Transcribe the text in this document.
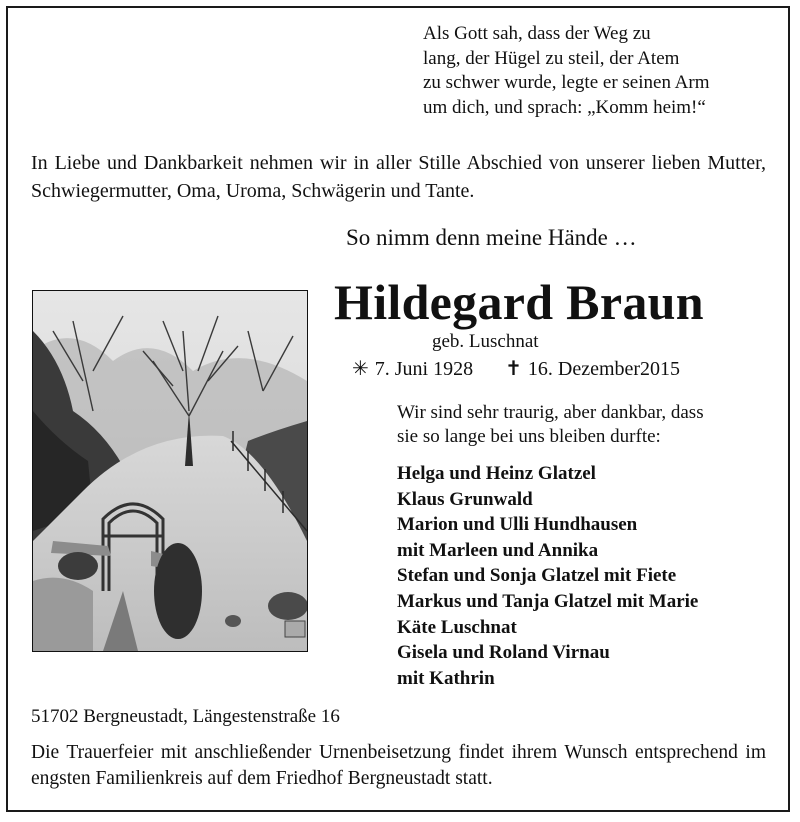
Als Gott sah, dass der Weg zu
lang, der Hügel zu steil, der Atem
zu schwer wurde, legte er seinen Arm
um dich, und sprach: „Komm heim!“
In Liebe und Dankbarkeit nehmen wir in aller Stille Abschied von unserer lieben Mutter, Schwiegermutter, Oma, Uroma, Schwägerin und Tante.
So nimm denn meine Hände …
Hildegard Braun
geb. Luschnat
✳ 7. Juni 1928 ✝ 16. Dezember2015
Wir sind sehr traurig, aber dankbar, dass
sie so lange bei uns bleiben durfte:
Helga und Heinz Glatzel
Klaus Grunwald
Marion und Ulli Hundhausen
mit Marleen und Annika
Stefan und Sonja Glatzel mit Fiete
Markus und Tanja Glatzel mit Marie
Käte Luschnat
Gisela und Roland Virnau
mit Kathrin
51702 Bergneustadt, Längestenstraße 16
Die Trauerfeier mit anschließender Urnenbeisetzung findet ihrem Wunsch entsprechend im engsten Familienkreis auf dem Friedhof Bergneustadt statt.
